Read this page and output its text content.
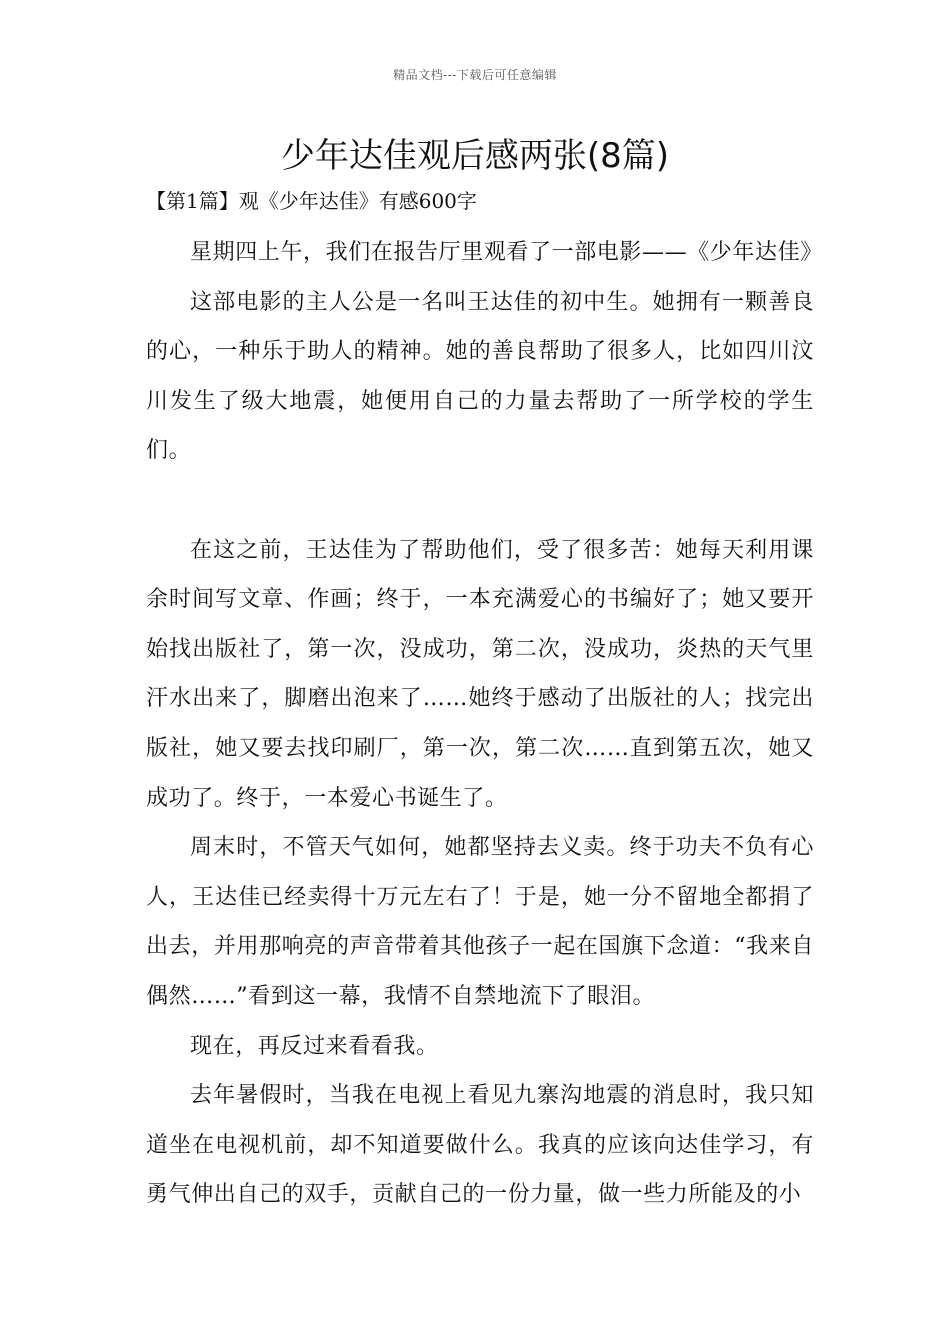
精品文档---下载后可任意编辑
少年达佳观后感两张(8篇)
【第1篇】观《少年达佳》有感600字

星期四上午，我们在报告厅里观看了一部电影——《少年达佳》

这部电影的主人公是一名叫王达佳的初中生。她拥有一颗善良的心，一种乐于助人的精神。她的善良帮助了很多人，比如四川汶川发生了级大地震，她便用自己的力量去帮助了一所学校的学生们。

在这之前，王达佳为了帮助他们，受了很多苦：她每天利用课余时间写文章、作画；终于，一本充满爱心的书编好了；她又要开始找出版社了，第一次，没成功，第二次，没成功，炎热的天气里汗水出来了，脚磨出泡来了……她终于感动了出版社的人；找完出版社，她又要去找印刷厂，第一次，第二次……直到第五次，她又成功了。终于，一本爱心书诞生了。

周末时，不管天气如何，她都坚持去义卖。终于功夫不负有心人，王达佳已经卖得十万元左右了！于是，她一分不留地全都捐了出去，并用那响亮的声音带着其他孩子一起在国旗下念道：“我来自偶然……”看到这一幕，我情不自禁地流下了眼泪。

现在，再反过来看看我。

去年暑假时，当我在电视上看见九寨沟地震的消息时，我只知道坐在电视机前，却不知道要做什么。我真的应该向达佳学习，有勇气伸出自己的双手，贡献自己的一份力量，做一些力所能及的小
